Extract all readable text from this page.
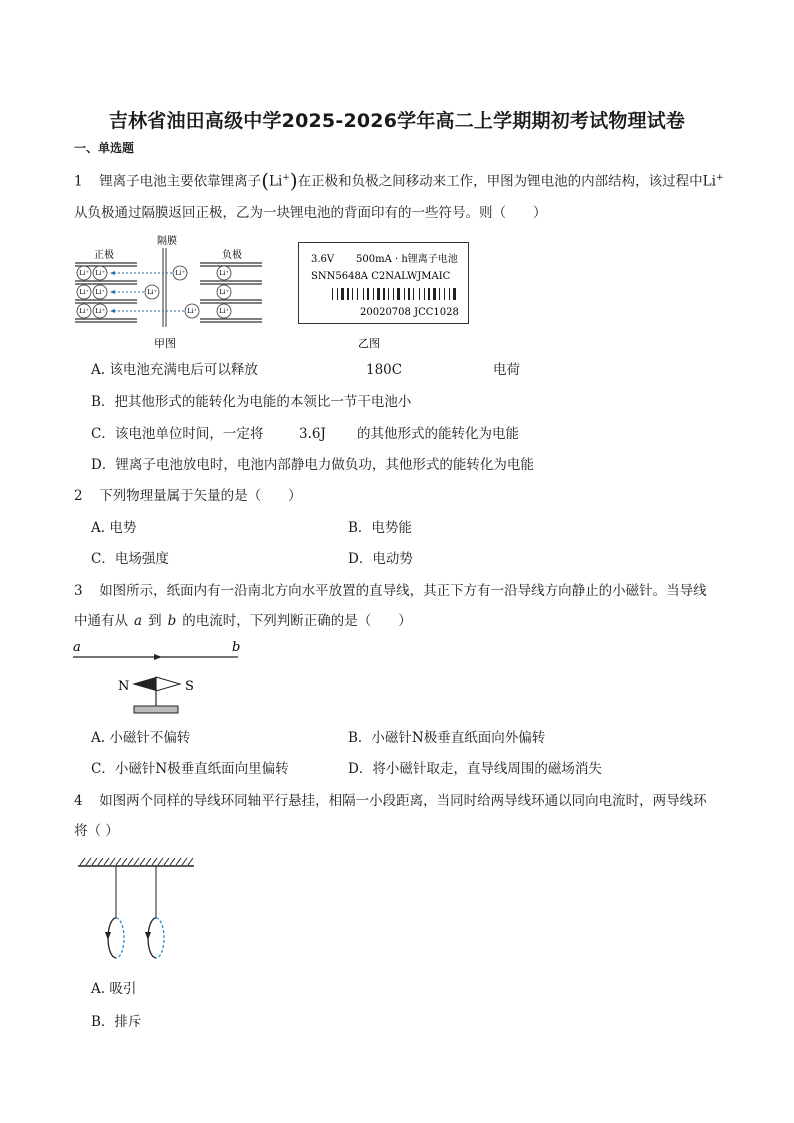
吉林省油田高级中学2025-2026学年高二上学期期初考试物理试卷
一、单选题
1 锂离子电池主要依靠锂离子(Li+)在正极和负极之间移动来工作，甲图为锂电池的内部结构，该过程中Li+
从负极通过隔膜返回正极，乙为一块锂电池的背面印有的一些符号。则（　　）
正极
隔膜
负极
Li⁺ Li⁺
Li⁺ Li⁺
Li⁺ Li⁺
Li⁺
Li⁺
Li⁺
Li⁺
Li⁺
Li⁺
甲图
3.6V 500mA · h锂离子电池
SNN5648A C2NALWJMAIC
20020708 JCC1028
乙图
A. 该电池充满电后可以释放	180C	电荷
B．把其他形式的能转化为电能的本领比一节干电池小
C．该电池单位时间，一定将	3.6J 的其他形式的能转化为电能
D．锂离子电池放电时，电池内部静电力做负功，其他形式的能转化为电能
2 下列物理量属于矢量的是（　　）
A. 电势	B．电势能
C．电场强度	D．电动势
3 如图所示，纸面内有一沿南北方向水平放置的直导线，其正下方有一沿导线方向静止的小磁针。当导线
中通有从 a 到 b 的电流时，下列判断正确的是（　　）
a	b
N	S
A. 小磁针不偏转	B．小磁针N极垂直纸面向外偏转
C．小磁针N极垂直纸面向里偏转	D．将小磁针取走，直导线周围的磁场消失
4 如图两个同样的导线环同轴平行悬挂，相隔一小段距离，当同时给两导线环通以同向电流时，两导线环
将（ ）
A. 吸引
B．排斥
